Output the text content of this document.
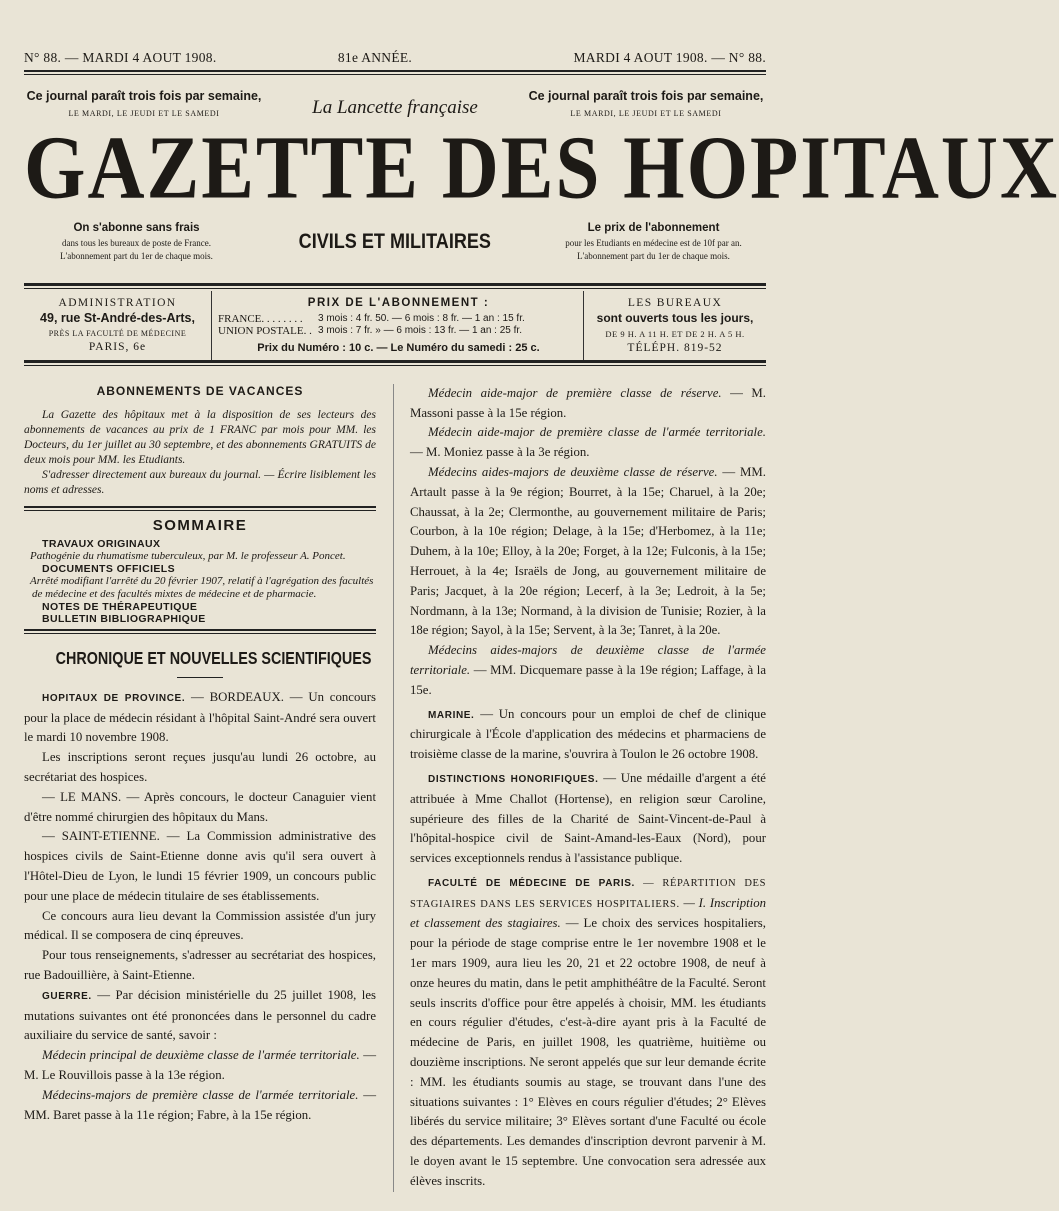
N° 88. — MARDI 4 AOUT 1908.	81e ANNÉE.	MARDI 4 AOUT 1908. — N° 88.
Ce journal paraît trois fois par semaine,
LE MARDI, LE JEUDI ET LE SAMEDI	La Lancette française
Ce journal paraît trois fois par semaine,
LE MARDI, LE JEUDI ET LE SAMEDI
GAZETTE DES HOPITAUX
On s'abonne sans frais
dans tous les bureaux de poste de France.
L'abonnement part du 1er de chaque mois.
CIVILS ET MILITAIRES
Le prix de l'abonnement
pour les Etudiants en médecine est de 10f par an.
L'abonnement part du 1er de chaque mois.
ADMINISTRATION
49, rue St-André-des-Arts,
PRÈS LA FACULTÉ DE MÉDECINE
PARIS, 6e
PRIX DE L'ABONNEMENT :
FRANCE. . . . . . . .	3 mois : 4 fr. 50. — 6 mois : 8 fr. — 1 an : 15 fr.
UNION POSTALE. . 3 mois : 7 fr. » — 6 mois : 13 fr. — 1 an : 25 fr.
Prix du Numéro : 10 c. — Le Numéro du samedi : 25 c.
LES BUREAUX
sont ouverts tous les jours,
DE 9 H. A 11 H. ET DE 2 H. A 5 H.
TÉLÉPH. 819-52
ABONNEMENTS DE VACANCES

La Gazette des hôpitaux met à la disposition de ses lecteurs des abonnements de vacances au prix de 1 FRANC par mois pour MM. les Docteurs, du 1er juillet au 30 septembre, et des abonnements GRATUITS de deux mois pour MM. les Etudiants.

S'adresser directement aux bureaux du journal. — Écrire lisiblement les noms et adresses.

SOMMAIRE
TRAVAUX ORIGINAUX
Pathogénie du rhumatisme tuberculeux, par M. le professeur A. Poncet.
DOCUMENTS OFFICIELS
Arrêté modifiant l'arrêté du 20 février 1907, relatif à l'agrégation des facultés de médecine et des facultés mixtes de médecine et de pharmacie.
NOTES DE THÉRAPEUTIQUE
BULLETIN BIBLIOGRAPHIQUE
CHRONIQUE ET NOUVELLES SCIENTIFIQUES

HOPITAUX DE PROVINCE. — BORDEAUX. — Un concours pour la place de médecin résidant à l'hôpital Saint-André sera ouvert le mardi 10 novembre 1908.

Les inscriptions seront reçues jusqu'au lundi 26 octobre, au secrétariat des hospices.

— LE MANS. — Après concours, le docteur Canaguier vient d'être nommé chirurgien des hôpitaux du Mans.

— SAINT-ETIENNE. — La Commission administrative des hospices civils de Saint-Etienne donne avis qu'il sera ouvert à l'Hôtel-Dieu de Lyon, le lundi 15 février 1909, un concours public pour une place de médecin titulaire de ses établissements.

Ce concours aura lieu devant la Commission assistée d'un jury médical. Il se composera de cinq épreuves.

Pour tous renseignements, s'adresser au secrétariat des hospices, rue Badouillière, à Saint-Etienne.

GUERRE. — Par décision ministérielle du 25 juillet 1908, les mutations suivantes ont été prononcées dans le personnel du cadre auxiliaire du service de santé, savoir :

Médecin principal de deuxième classe de l'armée territoriale. — M. Le Rouvillois passe à la 13e région.

Médecins-majors de première classe de l'armée territoriale. — MM. Baret passe à la 11e région; Fabre, à la 15e région.

Médecin aide-major de première classe de réserve. — M. Massoni passe à la 15e région.

Médecin aide-major de première classe de l'armée territoriale. — M. Moniez passe à la 3e région.

Médecins aides-majors de deuxième classe de réserve. — MM. Artault passe à la 9e région; Bourret, à la 15e; Charuel, à la 20e; Chaussat, à la 2e; Clermonthe, au gouvernement militaire de Paris; Courbon, à la 10e région; Delage, à la 15e; d'Herbomez, à la 11e; Duhem, à la 10e; Elloy, à la 20e; Forget, à la 12e; Fulconis, à la 15e; Herrouet, à la 4e; Israëls de Jong, au gouvernement militaire de Paris; Jacquet, à la 20e région; Lecerf, à la 3e; Ledroit, à la 5e; Nordmann, à la 13e; Normand, à la division de Tunisie; Rozier, à la 18e région; Sayol, à la 15e; Servent, à la 3e; Tanret, à la 20e.

Médecins aides-majors de deuxième classe de l'armée territoriale. — MM. Dicquemare passe à la 19e région; Laffage, à la 15e.

MARINE. — Un concours pour un emploi de chef de clinique chirurgicale à l'École d'application des médecins et pharmaciens de troisième classe de la marine, s'ouvrira à Toulon le 26 octobre 1908.

DISTINCTIONS HONORIFIQUES. — Une médaille d'argent a été attribuée à Mme Challot (Hortense), en religion sœur Caroline, supérieure des filles de la Charité de Saint-Vincent-de-Paul à l'hôpital-hospice civil de Saint-Amand-les-Eaux (Nord), pour services exceptionnels rendus à l'assistance publique.

FACULTÉ DE MÉDECINE DE PARIS. — RÉPARTITION DES STAGIAIRES DANS LES SERVICES HOSPITALIERS. — I. Inscription et classement des stagiaires. — Le choix des services hospitaliers, pour la période de stage comprise entre le 1er novembre 1908 et le 1er mars 1909, aura lieu les 20, 21 et 22 octobre 1908, de neuf à onze heures du matin, dans le petit amphithéâtre de la Faculté. Seront seuls inscrits d'office pour être appelés à choisir, MM. les étudiants en cours régulier d'études, c'est-à-dire ayant pris à la Faculté de médecine de Paris, en juillet 1908, les quatrième, huitième ou douzième inscriptions. Ne seront appelés que sur leur demande écrite : MM. les étudiants soumis au stage, se trouvant dans l'une des situations suivantes : 1° Elèves en cours régulier d'études; 2° Elèves libérés du service militaire; 3° Elèves sortant d'une Faculté ou école des départements. Les demandes d'inscription devront parvenir à M. le doyen avant le 15 septembre. Une convocation sera adressée aux élèves inscrits.
